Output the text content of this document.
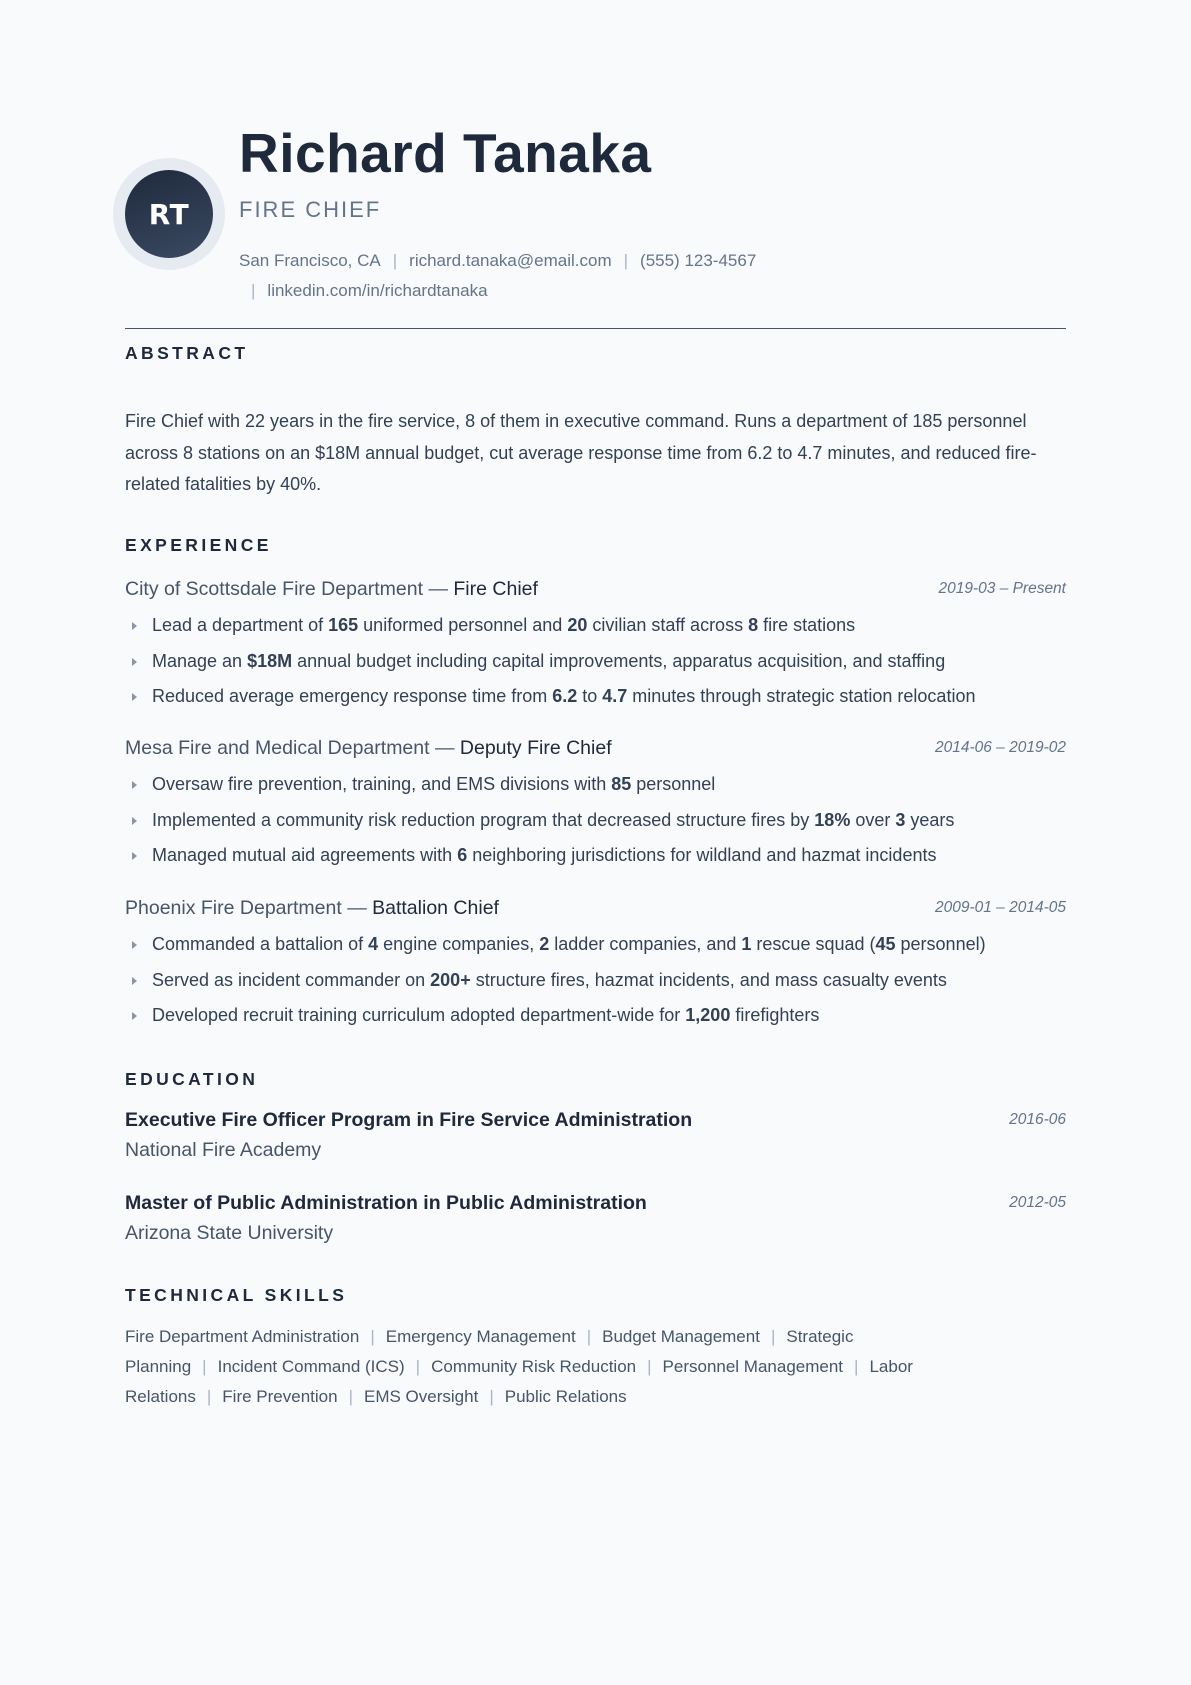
RT
Richard Tanaka
FIRE CHIEF
San Francisco, CA | richard.tanaka@email.com | (555) 123-4567
| linkedin.com/in/richardtanaka
ABSTRACT

Fire Chief with 22 years in the fire service, 8 of them in executive command. Runs a department of 185 personnel across 8 stations on an $18M annual budget, cut average response time from 6.2 to 4.7 minutes, and reduced fire-related fatalities by 40%.

EXPERIENCE
City of Scottsdale Fire Department — Fire Chief	2019-03 – Present
Lead a department of 165 uniformed personnel and 20 civilian staff across 8 fire stations
Manage an $18M annual budget including capital improvements, apparatus acquisition, and staffing
Reduced average emergency response time from 6.2 to 4.7 minutes through strategic station relocation
Mesa Fire and Medical Department — Deputy Fire Chief	2014-06 – 2019-02
Oversaw fire prevention, training, and EMS divisions with 85 personnel
Implemented a community risk reduction program that decreased structure fires by 18% over 3 years
Managed mutual aid agreements with 6 neighboring jurisdictions for wildland and hazmat incidents
Phoenix Fire Department — Battalion Chief	2009-01 – 2014-05
Commanded a battalion of 4 engine companies, 2 ladder companies, and 1 rescue squad (45 personnel)
Served as incident commander on 200+ structure fires, hazmat incidents, and mass casualty events
Developed recruit training curriculum adopted department-wide for 1,200 firefighters
EDUCATION
Executive Fire Officer Program in Fire Service Administration
National Fire Academy
2016-06
Master of Public Administration in Public Administration
Arizona State University
2012-05
TECHNICAL SKILLS
Fire Department Administration | Emergency Management | Budget Management | Strategic Planning | Incident Command (ICS) | Community Risk Reduction | Personnel Management | Labor Relations | Fire Prevention | EMS Oversight | Public Relations
